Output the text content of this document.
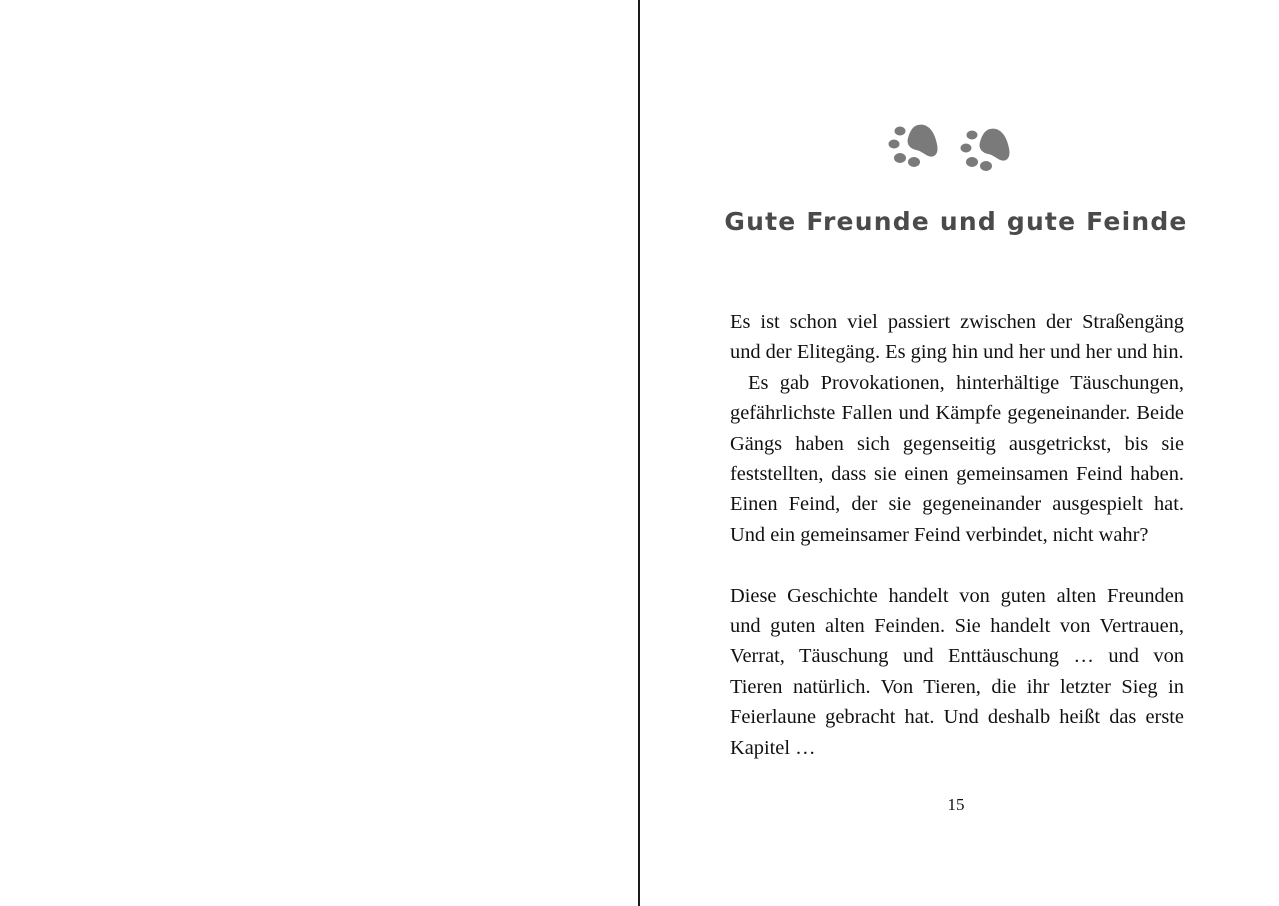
Gute Freunde und gute Feinde

Es ist schon viel passiert zwischen der Straßengäng und der Elitegäng. Es ging hin und her und her und hin.

Es gab Provokationen, hinterhältige Täuschungen, gefährlichste Fallen und Kämpfe gegeneinander. Beide Gängs haben sich gegenseitig ausgetrickst, bis sie feststellten, dass sie einen gemeinsamen Feind haben. Einen Feind, der sie gegeneinander ausgespielt hat. Und ein gemeinsamer Feind verbindet, nicht wahr?

Diese Geschichte handelt von guten alten Freunden und guten alten Feinden. Sie handelt von Vertrauen, Verrat, Täuschung und Enttäuschung … und von Tieren natürlich. Von Tieren, die ihr letzter Sieg in Feierlaune gebracht hat. Und deshalb heißt das erste Kapitel …

15
